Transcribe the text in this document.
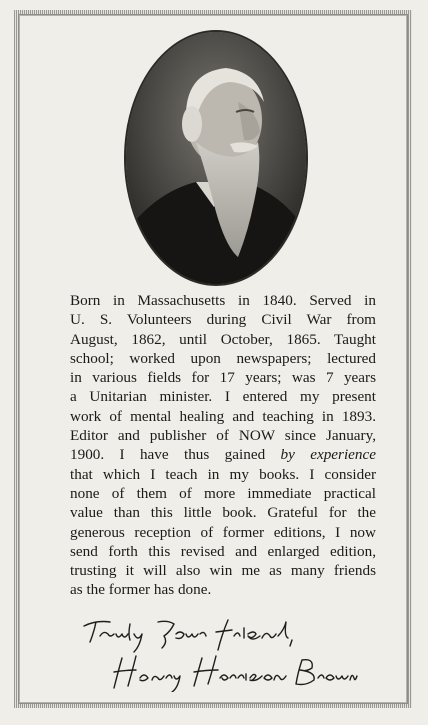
Born in Massachusetts in 1840. Served in
U. S. Volunteers during Civil War from
August, 1862, until October, 1865. Taught
school; worked upon newspapers; lectured
in various fields for 17 years; was 7 years
a Unitarian minister. I entered my present
work of mental healing and teaching in 1893.
Editor and publisher of NOW since January,
1900. I have thus gained by experience
that which I teach in my books. I consider
none of them of more immediate practical
value than this little book. Grateful for the
generous reception of former editions, I now
send forth this revised and enlarged edition,
trusting it will also win me as many friends
as the former has done.
